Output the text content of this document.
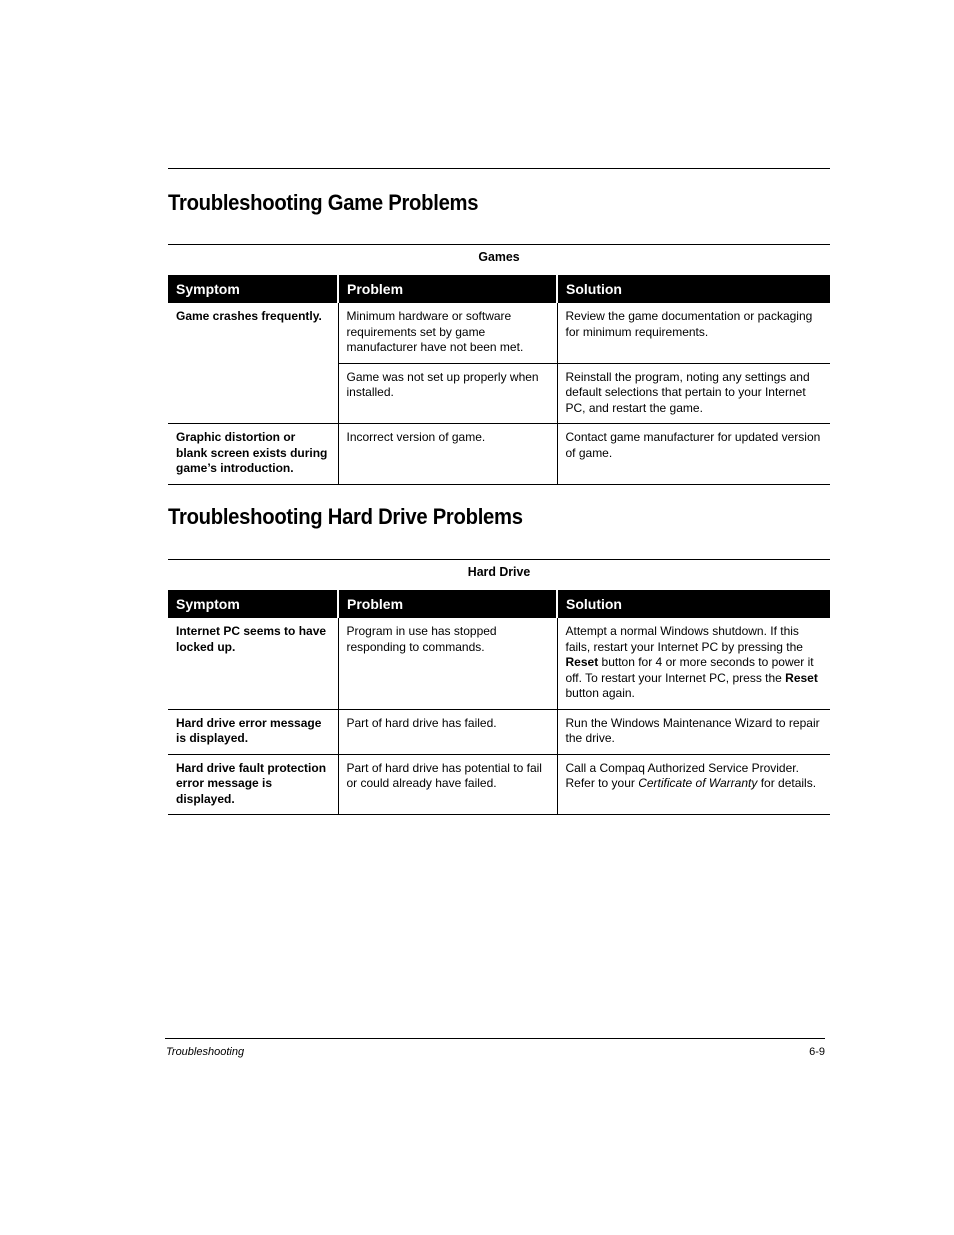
Troubleshooting Game Problems
Games
Symptom	Problem	Solution
Game crashes frequently.	Minimum hardware or software requirements set by game manufacturer have not been met.	Review the game documentation or packaging for minimum requirements.
	Game was not set up properly when installed.	Reinstall the program, noting any settings and default selections that pertain to your Internet PC, and restart the game.
Graphic distortion or blank screen exists during game’s introduction.	Incorrect version of game.	Contact game manufacturer for updated version of game.
Troubleshooting Hard Drive Problems
Hard Drive
Symptom	Problem	Solution
Internet PC seems to have locked up.	Program in use has stopped responding to commands.	Attempt a normal Windows shutdown. If this fails, restart your Internet PC by pressing the Reset button for 4 or more seconds to power it off. To restart your Internet PC, press the Reset button again.
Hard drive error message is displayed.	Part of hard drive has failed.	Run the Windows Maintenance Wizard to repair the drive.
Hard drive fault protection error message is displayed.	Part of hard drive has potential to fail or could already have failed.	Call a Compaq Authorized Service Provider. Refer to your Certificate of Warranty for details.
Troubleshooting	6-9
